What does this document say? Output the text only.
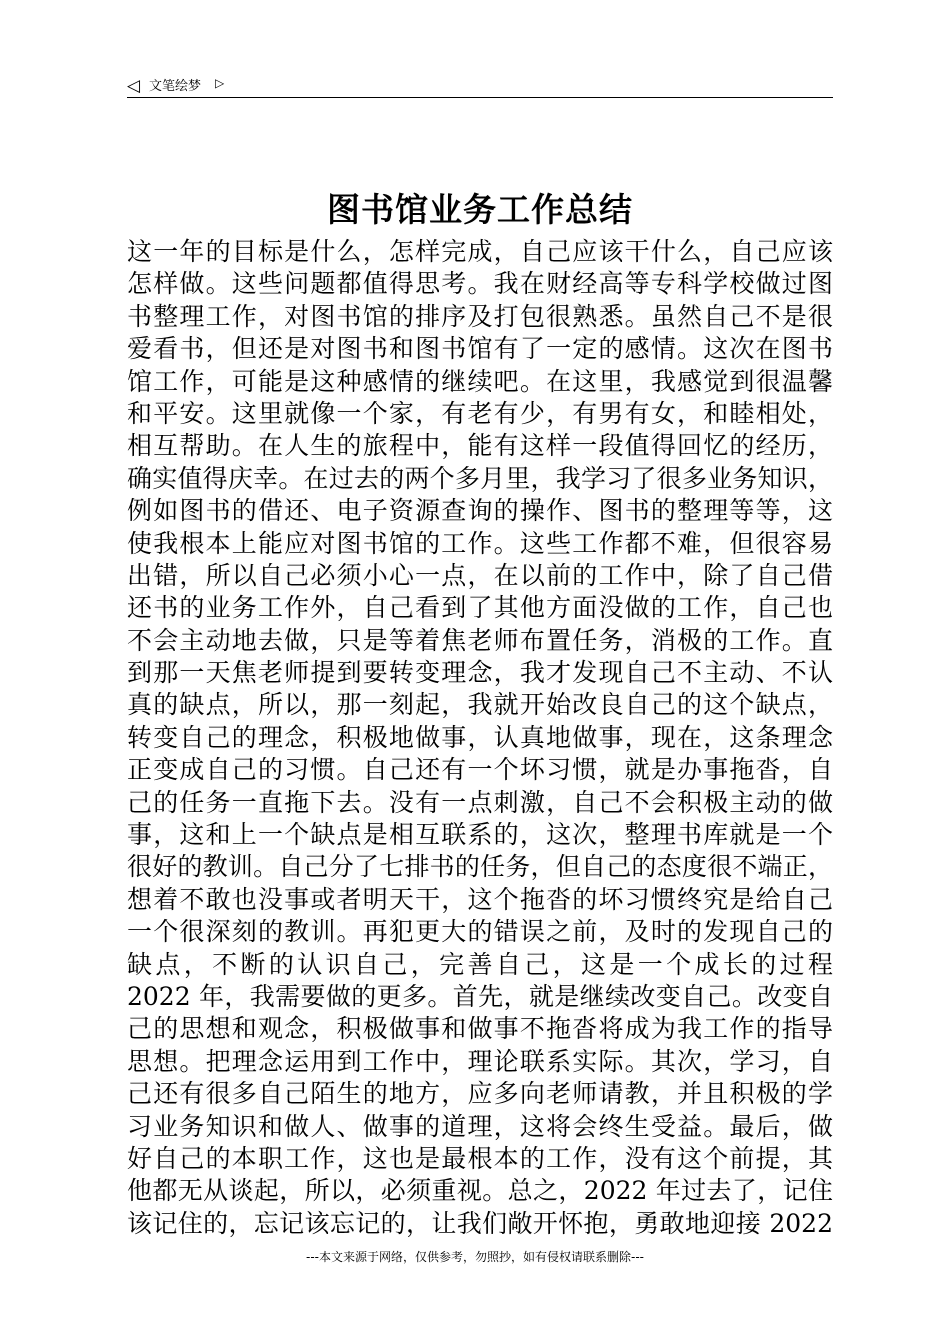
◁ 文笔绘梦 ▷
图书馆业务工作总结
这一年的目标是什么，怎样完成，自己应该干什么，自己应该
怎样做。这些问题都值得思考。我在财经高等专科学校做过图
书整理工作，对图书馆的排序及打包很熟悉。虽然自己不是很
爱看书，但还是对图书和图书馆有了一定的感情。这次在图书
馆工作，可能是这种感情的继续吧。在这里，我感觉到很温馨
和平安。这里就像一个家，有老有少，有男有女，和睦相处，
相互帮助。在人生的旅程中，能有这样一段值得回忆的经历，
确实值得庆幸。在过去的两个多月里，我学习了很多业务知识，
例如图书的借还、电子资源查询的操作、图书的整理等等，这
使我根本上能应对图书馆的工作。这些工作都不难，但很容易
出错，所以自己必须小心一点，在以前的工作中，除了自己借
还书的业务工作外，自己看到了其他方面没做的工作，自己也
不会主动地去做，只是等着焦老师布置任务，消极的工作。直
到那一天焦老师提到要转变理念，我才发现自己不主动、不认
真的缺点，所以，那一刻起，我就开始改良自己的这个缺点，
转变自己的理念，积极地做事，认真地做事，现在，这条理念
正变成自己的习惯。自己还有一个坏习惯，就是办事拖沓，自
己的任务一直拖下去。没有一点刺激，自己不会积极主动的做
事，这和上一个缺点是相互联系的，这次，整理书库就是一个
很好的教训。自己分了七排书的任务，但自己的态度很不端正，
想着不敢也没事或者明天干，这个拖沓的坏习惯终究是给自己
一个很深刻的教训。再犯更大的错误之前，及时的发现自己的
缺点，不断的认识自己，完善自己，这是一个成长的过程
2022 年，我需要做的更多。首先，就是继续改变自己。改变自
己的思想和观念，积极做事和做事不拖沓将成为我工作的指导
思想。把理念运用到工作中，理论联系实际。其次，学习，自
己还有很多自己陌生的地方，应多向老师请教，并且积极的学
习业务知识和做人、做事的道理，这将会终生受益。最后，做
好自己的本职工作，这也是最根本的工作，没有这个前提，其
他都无从谈起，所以，必须重视。总之，2022 年过去了，记住
该记住的，忘记该忘记的，让我们敞开怀抱，勇敢地迎接 2022
---本文来源于网络，仅供参考，勿照抄，如有侵权请联系删除---
